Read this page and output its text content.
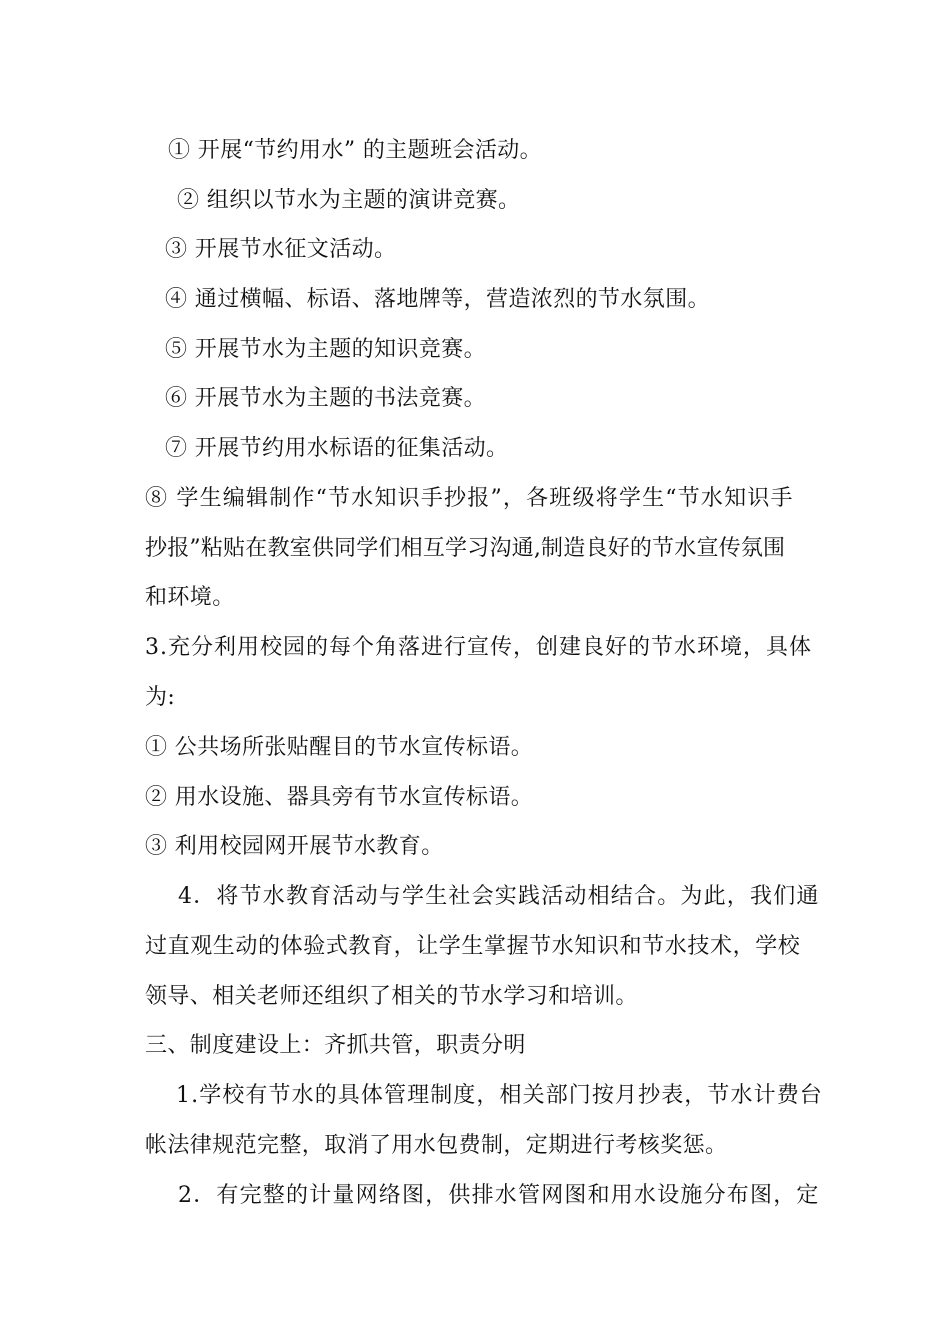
① 开展“节约用水” 的主题班会活动。
② 组织以节水为主题的演讲竞赛。
③ 开展节水征文活动。
④ 通过横幅、标语、落地牌等，营造浓烈的节水氛围。
⑤ 开展节水为主题的知识竞赛。
⑥ 开展节水为主题的书法竞赛。
⑦ 开展节约用水标语的征集活动。
⑧ 学生编辑制作“节水知识手抄报”，各班级将学生“节水知识手
抄报”粘贴在教室供同学们相互学习沟通,制造良好的节水宣传氛围
和环境。
3.充分利用校园的每个角落进行宣传，创建良好的节水环境，具体
为:
① 公共场所张贴醒目的节水宣传标语。
② 用水设施、器具旁有节水宣传标语。
③ 利用校园网开展节水教育。
4．将节水教育活动与学生社会实践活动相结合。为此，我们通
过直观生动的体验式教育，让学生掌握节水知识和节水技术，学校
领导、相关老师还组织了相关的节水学习和培训。
三、制度建设上：齐抓共管，职责分明
1.学校有节水的具体管理制度，相关部门按月抄表，节水计费台
帐法律规范完整，取消了用水包费制，定期进行考核奖惩。
2．有完整的计量网络图，供排水管网图和用水设施分布图，定
